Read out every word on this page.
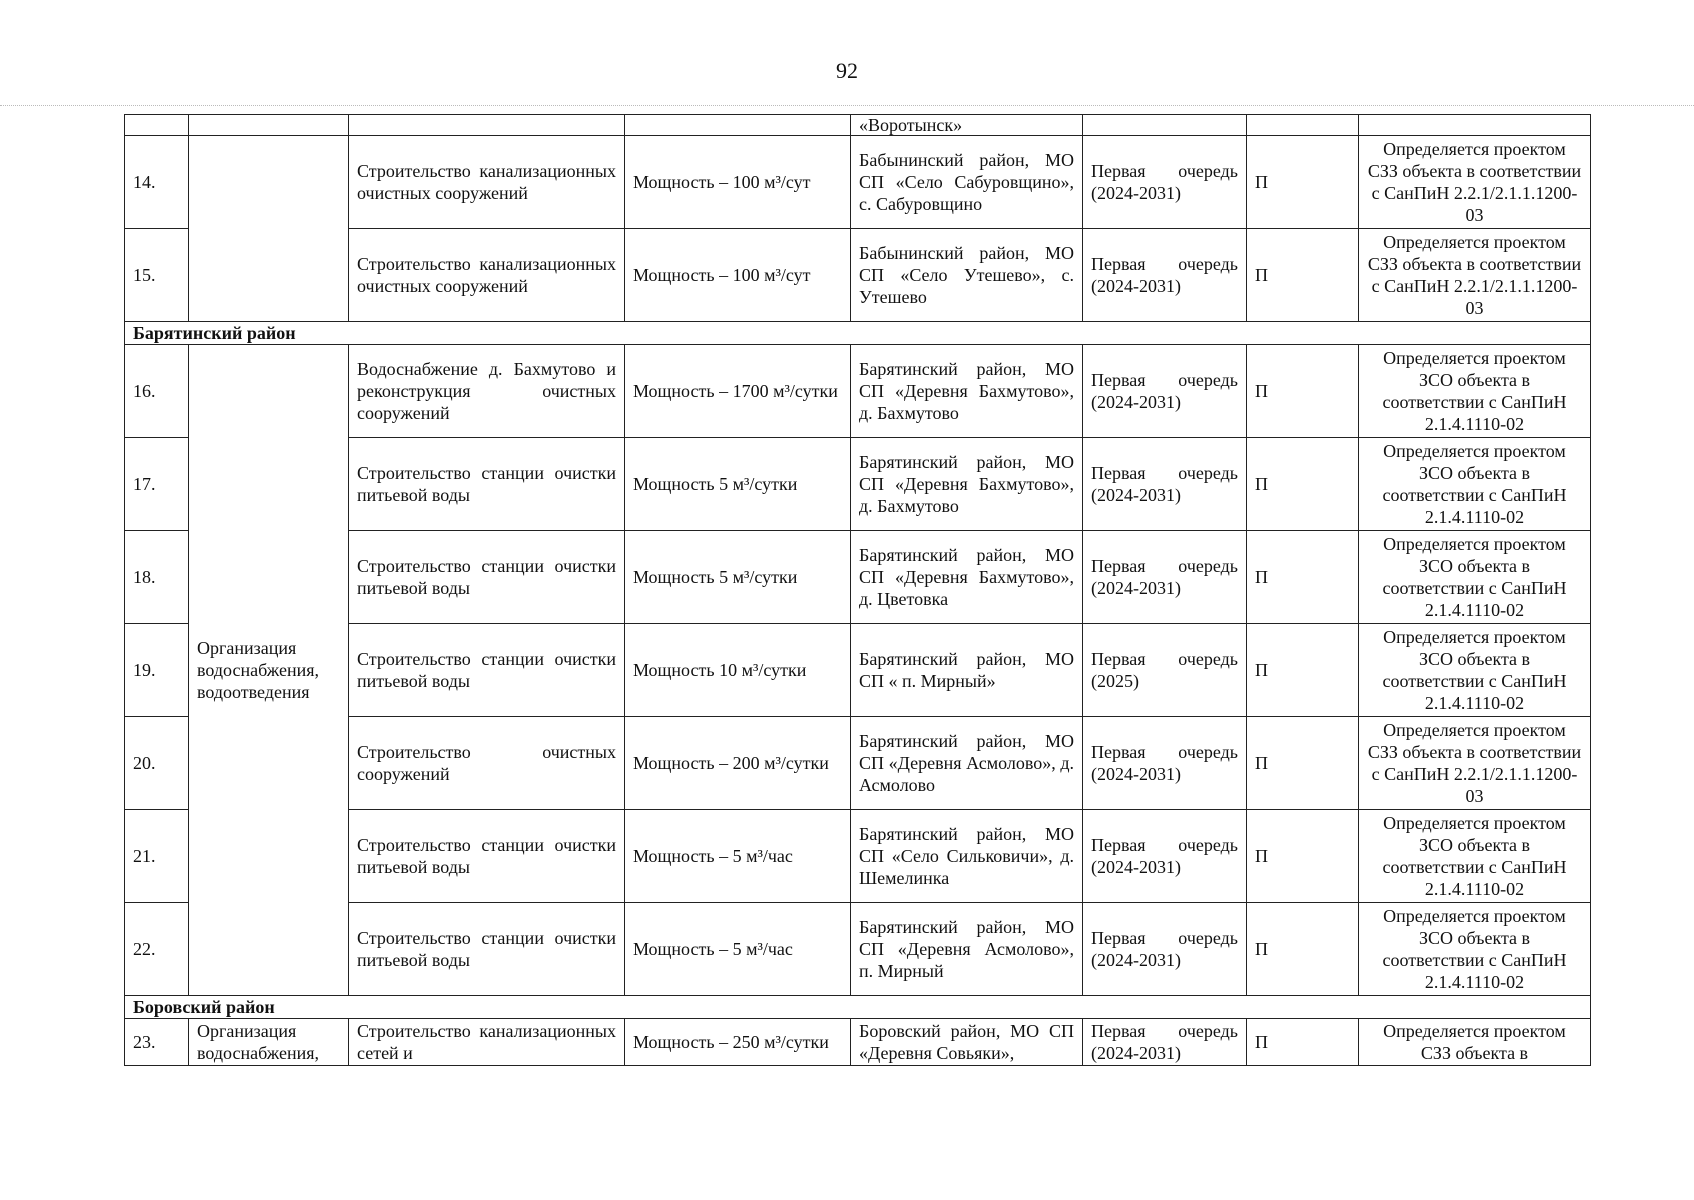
92
				«Воротынск»			
14.		Строительство канализационных очистных сооружений	Мощность – 100 м³/сут	Бабынинский район, МО СП «Село Сабуровщино», с. Сабуровщино	Первая очередь (2024-2031)	П	Определяется проектом СЗЗ объекта в соответствии с СанПиН 2.2.1/2.1.1.1200-03
15.		Строительство канализационных очистных сооружений	Мощность – 100 м³/сут	Бабынинский район, МО СП «Село Утешево», с. Утешево	Первая очередь (2024-2031)	П	Определяется проектом СЗЗ объекта в соответствии с СанПиН 2.2.1/2.1.1.1200-03
Барятинский район							
16.	Организация водоснабжения, водоотведения	Водоснабжение д. Бахмутово и реконструкция очистных сооружений	Мощность – 1700 м³/сутки	Барятинский район, МО СП «Деревня Бахмутово», д. Бахмутово	Первая очередь (2024-2031)	П	Определяется проектом ЗСО объекта в соответствии с СанПиН 2.1.4.1110-02
17.		Строительство станции очистки питьевой воды	Мощность 5 м³/сутки	Барятинский район, МО СП «Деревня Бахмутово», д. Бахмутово	Первая очередь (2024-2031)	П	Определяется проектом ЗСО объекта в соответствии с СанПиН 2.1.4.1110-02
18.		Строительство станции очистки питьевой воды	Мощность 5 м³/сутки	Барятинский район, МО СП «Деревня Бахмутово», д. Цветовка	Первая очередь (2024-2031)	П	Определяется проектом ЗСО объекта в соответствии с СанПиН 2.1.4.1110-02
19.		Строительство станции очистки питьевой воды	Мощность 10 м³/сутки	Барятинский район, МО СП « п. Мирный»	Первая очередь (2025)	П	Определяется проектом ЗСО объекта в соответствии с СанПиН 2.1.4.1110-02
20.		Строительство очистных сооружений	Мощность – 200 м³/сутки	Барятинский район, МО СП «Деревня Асмолово», д. Асмолово	Первая очередь (2024-2031)	П	Определяется проектом СЗЗ объекта в соответствии с СанПиН 2.2.1/2.1.1.1200-03
21.		Строительство станции очистки питьевой воды	Мощность – 5 м³/час	Барятинский район, МО СП «Село Сильковичи», д. Шемелинка	Первая очередь (2024-2031)	П	Определяется проектом ЗСО объекта в соответствии с СанПиН 2.1.4.1110-02
22.		Строительство станции очистки питьевой воды	Мощность – 5 м³/час	Барятинский район, МО СП «Деревня Асмолово», п. Мирный	Первая очередь (2024-2031)	П	Определяется проектом ЗСО объекта в соответствии с СанПиН 2.1.4.1110-02
Боровский район							
23.	Организация водоснабжения,	Строительство канализационных сетей и	Мощность – 250 м³/сутки	Боровский район, МО СП «Деревня Совьяки»,	Первая очередь (2024-2031)	П	Определяется проектом СЗЗ объекта в
